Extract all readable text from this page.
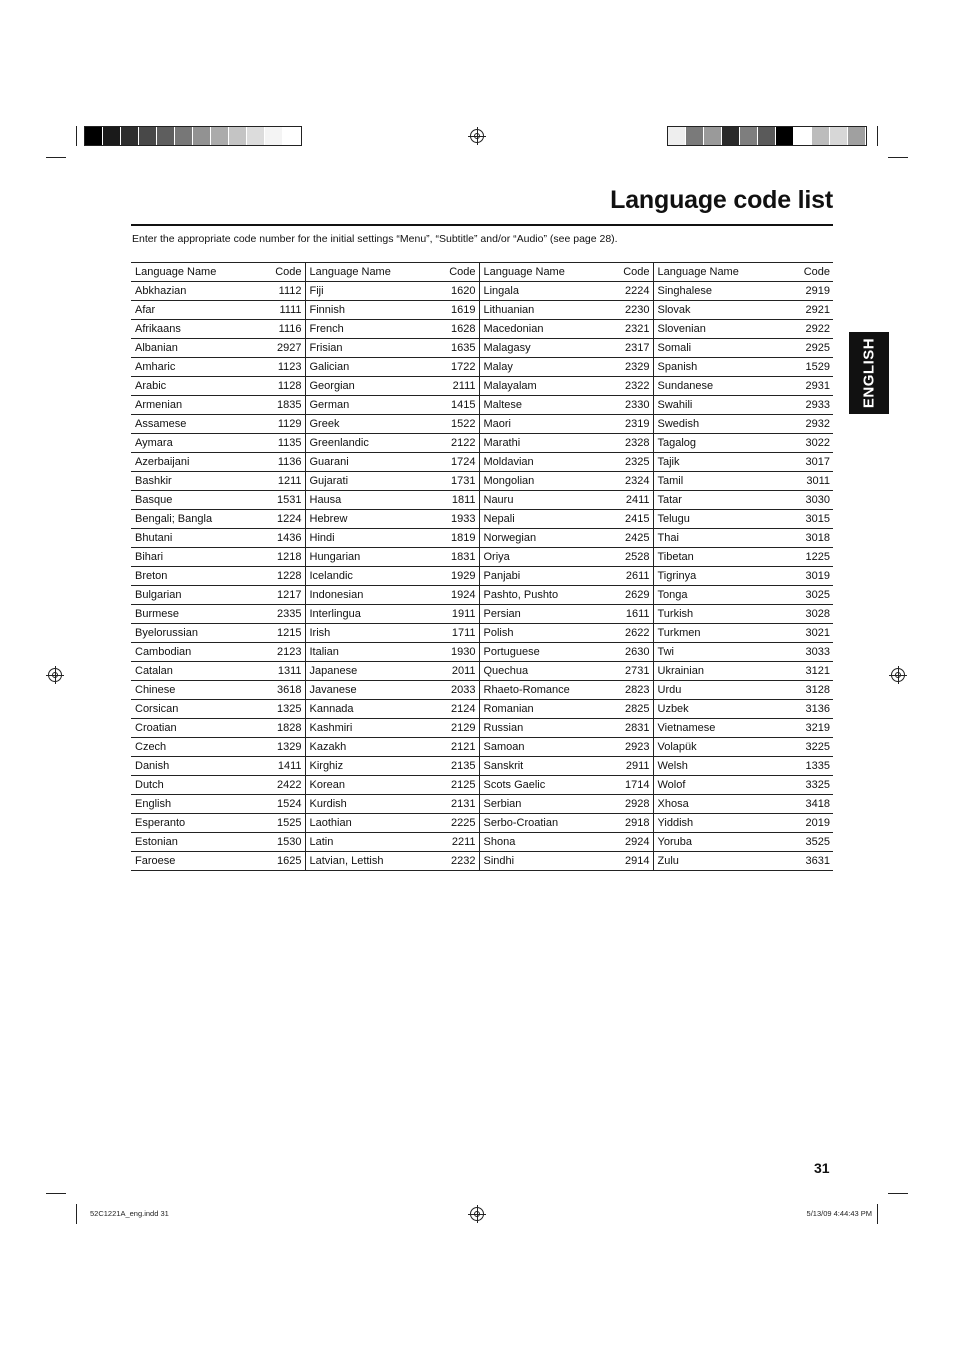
Language code list
Enter the appropriate code number for the initial settings “Menu”, “Subtitle” and/or “Audio” (see page 28).
ENGLISH
Language Name	Code	Language Name	Code	Language Name	Code	Language Name	Code
Abkhazian	1112	Fiji	1620	Lingala	2224	Singhalese	2919
Afar	1111	Finnish	1619	Lithuanian	2230	Slovak	2921
Afrikaans	1116	French	1628	Macedonian	2321	Slovenian	2922
Albanian	2927	Frisian	1635	Malagasy	2317	Somali	2925
Amharic	1123	Galician	1722	Malay	2329	Spanish	1529
Arabic	1128	Georgian	2111	Malayalam	2322	Sundanese	2931
Armenian	1835	German	1415	Maltese	2330	Swahili	2933
Assamese	1129	Greek	1522	Maori	2319	Swedish	2932
Aymara	1135	Greenlandic	2122	Marathi	2328	Tagalog	3022
Azerbaijani	1136	Guarani	1724	Moldavian	2325	Tajik	3017
Bashkir	1211	Gujarati	1731	Mongolian	2324	Tamil	3011
Basque	1531	Hausa	1811	Nauru	2411	Tatar	3030
Bengali; Bangla	1224	Hebrew	1933	Nepali	2415	Telugu	3015
Bhutani	1436	Hindi	1819	Norwegian	2425	Thai	3018
Bihari	1218	Hungarian	1831	Oriya	2528	Tibetan	1225
Breton	1228	Icelandic	1929	Panjabi	2611	Tigrinya	3019
Bulgarian	1217	Indonesian	1924	Pashto, Pushto	2629	Tonga	3025
Burmese	2335	Interlingua	1911	Persian	1611	Turkish	3028
Byelorussian	1215	Irish	1711	Polish	2622	Turkmen	3021
Cambodian	2123	Italian	1930	Portuguese	2630	Twi	3033
Catalan	1311	Japanese	2011	Quechua	2731	Ukrainian	3121
Chinese	3618	Javanese	2033	Rhaeto-Romance	2823	Urdu	3128
Corsican	1325	Kannada	2124	Romanian	2825	Uzbek	3136
Croatian	1828	Kashmiri	2129	Russian	2831	Vietnamese	3219
Czech	1329	Kazakh	2121	Samoan	2923	Volapük	3225
Danish	1411	Kirghiz	2135	Sanskrit	2911	Welsh	1335
Dutch	2422	Korean	2125	Scots Gaelic	1714	Wolof	3325
English	1524	Kurdish	2131	Serbian	2928	Xhosa	3418
Esperanto	1525	Laothian	2225	Serbo-Croatian	2918	Yiddish	2019
Estonian	1530	Latin	2211	Shona	2924	Yoruba	3525
Faroese	1625	Latvian, Lettish	2232	Sindhi	2914	Zulu	3631
31
52C1221A_eng.indd 31	5/13/09 4:44:43 PM
